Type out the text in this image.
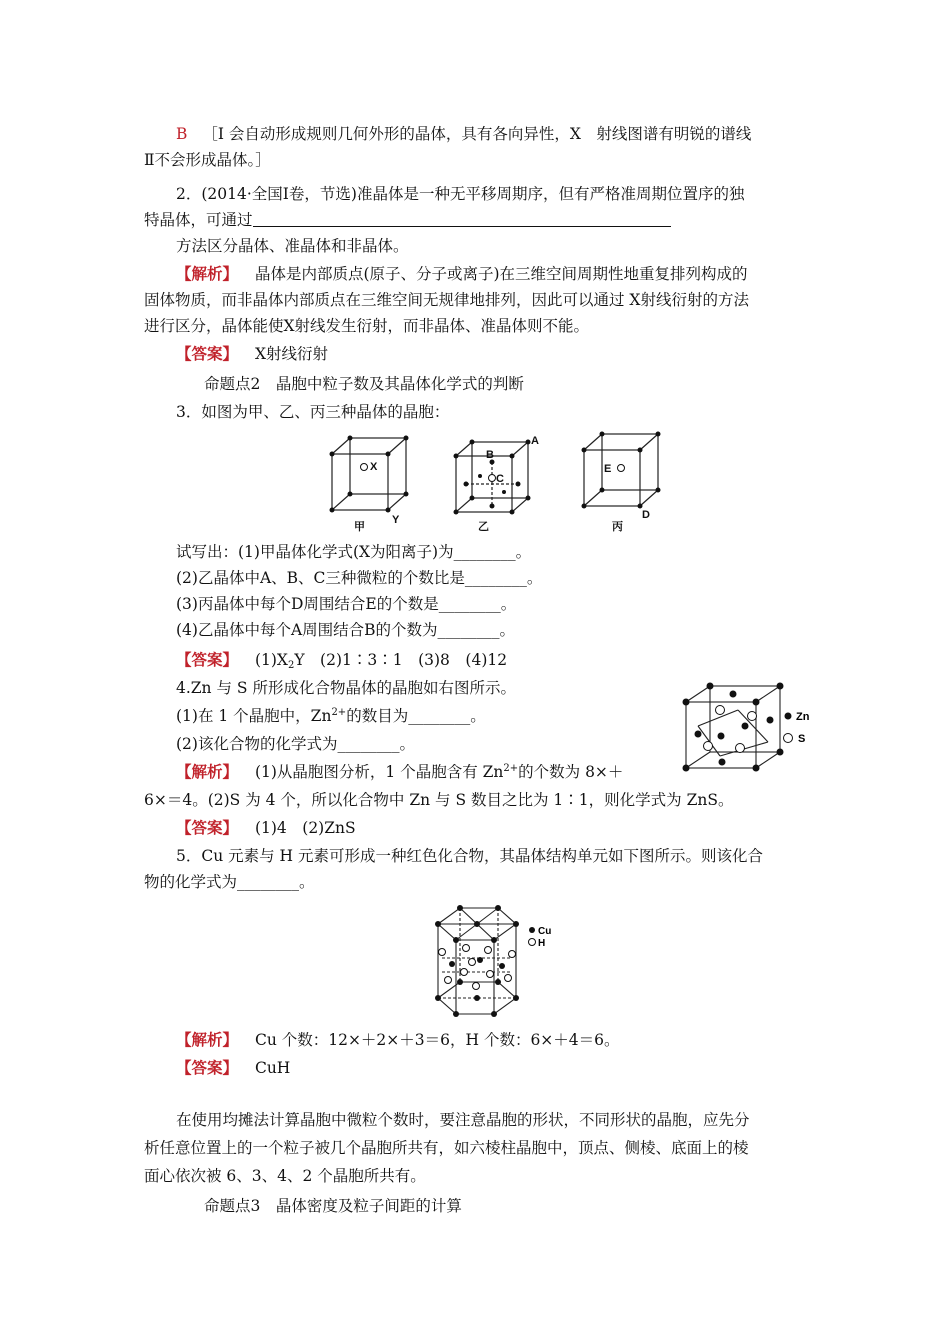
B ［Ⅰ 会自动形成规则几何外形的晶体，具有各向异性，X　射线图谱有明锐的谱线
Ⅱ不会形成晶体。］
2．(2014·全国Ⅰ卷，节选)准晶体是一种无平移周期序，但有严格准周期位置序的独
特晶体，可通过
方法区分晶体、准晶体和非晶体。
【解析】 晶体是内部质点(原子、分子或离子)在三维空间周期性地重复排列构成的
固体物质，而非晶体内部质点在三维空间无规律地排列，因此可以通过 X射线衍射的方法
进行区分，晶体能使X射线发生衍射，而非晶体、准晶体则不能。
【答案】 X射线衍射
命题点2　晶胞中粒子数及其晶体化学式的判断
3．如图为甲、乙、丙三种晶体的晶胞：
X
Y
甲
A
B
C
乙
E
D
丙
试写出：(1)甲晶体化学式(X为阳离子)为________。
(2)乙晶体中A、B、C三种微粒的个数比是________。
(3)丙晶体中每个D周围结合E的个数是________。
(4)乙晶体中每个A周围结合B的个数为________。
【答案】 $(1)X_2Y$　(2)1∶3∶1　(3)8　(4)12
4.Zn 与 S 所形成化合物晶体的晶胞如右图所示。
(1)在 1 个晶胞中，$Zn^{2+}$的数目为________。
(2)该化合物的化学式为________。
【解析】 (1)从晶胞图分析，1 个晶胞含有 $Zn^{2+}$的个数为 8×＋
6×＝4。(2)S 为 4 个，所以化合物中 Zn 与 S 数目之比为 1∶1，则化学式为 ZnS。
【答案】 (1)4　(2)ZnS
Zn
S
5．Cu 元素与 H 元素可形成一种红色化合物，其晶体结构单元如下图所示。则该化合
物的化学式为________。
Cu
H
【解析】 Cu 个数：12×＋2×＋3＝6，H 个数：6×＋4＝6。
【答案】 CuH
在使用均摊法计算晶胞中微粒个数时，要注意晶胞的形状，不同形状的晶胞，应先分
析任意位置上的一个粒子被几个晶胞所共有，如六棱柱晶胞中，顶点、侧棱、底面上的棱
面心依次被 6、3、4、2 个晶胞所共有。
命题点3　晶体密度及粒子间距的计算
